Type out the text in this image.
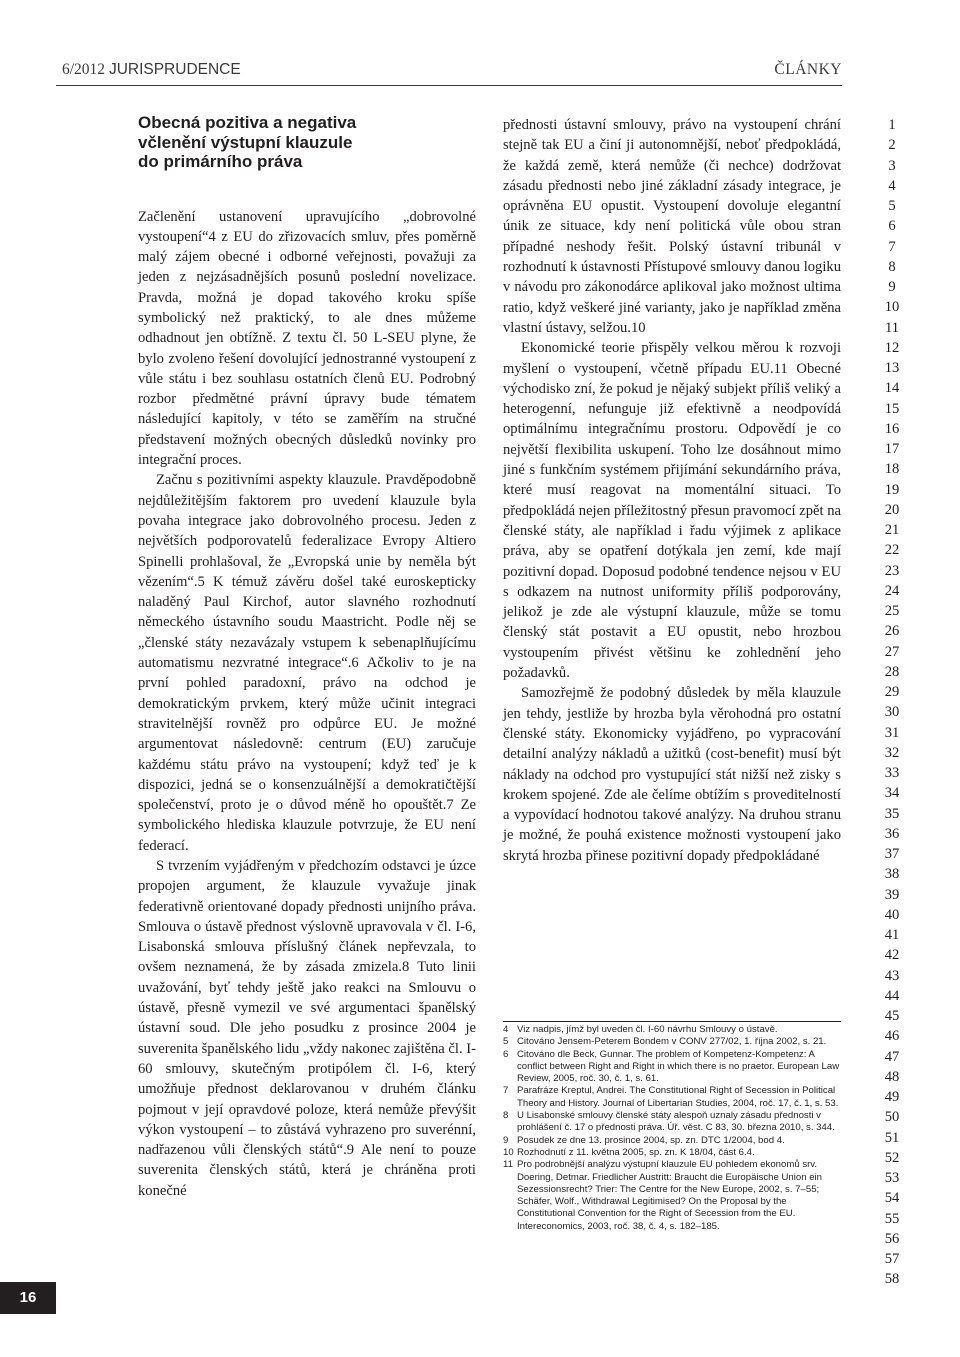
6/2012 JURISPRUDENCE	ČLÁNKY
Obecná pozitiva a negativa
včlenění výstupní klauzule
do primárního práva

Začlenění ustanovení upravujícího „dobrovolné vystoupení“4 z EU do zřizovacích smluv, přes poměrně malý zájem obecné i odborné veřejnosti, považuji za jeden z nejzásadnějších posunů poslední novelizace. Pravda, možná je dopad takového kroku spíše symbolický než praktický, to ale dnes můžeme odhadnout jen obtížně. Z textu čl. 50 L-SEU plyne, že bylo zvoleno řešení dovolující jednostranné vystoupení z vůle státu i bez souhlasu ostatních členů EU. Podrobný rozbor předmětné právní úpravy bude tématem následující kapitoly, v této se zaměřím na stručné představení možných obecných důsledků novinky pro integrační proces.

Začnu s pozitivními aspekty klauzule. Pravděpodobně nejdůležitějším faktorem pro uvedení klauzule byla povaha integrace jako dobrovolného procesu. Jeden z největších podporovatelů federalizace Evropy Altiero Spinelli prohlašoval, že „Evropská unie by neměla být vězením“.5 K témuž závěru došel také euroskepticky naladěný Paul Kirchof, autor slavného rozhodnutí německého ústavního soudu Maastricht. Podle něj se „členské státy nezavázaly vstupem k sebenaplňujícímu automatismu nezvratné integrace“.6 Ačkoliv to je na první pohled paradoxní, právo na odchod je demokratickým prvkem, který může učinit integraci stravitelnější rovněž pro odpůrce EU. Je možné argumentovat následovně: centrum (EU) zaručuje každému státu právo na vystoupení; když teď je k dispozici, jedná se o konsenzuálnější a demokratičtější společenství, proto je o důvod méně ho opouštět.7 Ze symbolického hlediska klauzule potvrzuje, že EU není federací.

S tvrzením vyjádřeným v předchozím odstavci je úzce propojen argument, že klauzule vyvažuje jinak federativně orientované dopady přednosti unijního práva. Smlouva o ústavě přednost výslovně upravovala v čl. I-6, Lisabonská smlouva příslušný článek nepřevzala, to ovšem neznamená, že by zásada zmizela.8 Tuto linii uvažování, byť tehdy ještě jako reakci na Smlouvu o ústavě, přesně vymezil ve své argumentaci španělský ústavní soud. Dle jeho posudku z prosince 2004 je suverenita španělského lidu „vždy nakonec zajištěna čl. I-60 smlouvy, skutečným protipólem čl. I-6, který umožňuje přednost deklarovanou v druhém článku pojmout v její opravdové poloze, která nemůže převýšit výkon vystoupení – to zůstává vyhrazeno pro suverénní, nadřazenou vůli členských států“.9 Ale není to pouze suverenita členských států, která je chráněna proti konečné

přednosti ústavní smlouvy, právo na vystoupení chrání stejně tak EU a činí ji autonomnější, neboť předpokládá, že každá země, která nemůže (či nechce) dodržovat zásadu přednosti nebo jiné základní zásady integrace, je oprávněna EU opustit. Vystoupení dovoluje elegantní únik ze situace, kdy není politická vůle obou stran případné neshody řešit. Polský ústavní tribunál v rozhodnutí k ústavnosti Přístupové smlouvy danou logiku v návodu pro zákonodárce aplikoval jako možnost ultima ratio, když veškeré jiné varianty, jako je například změna vlastní ústavy, selžou.10

Ekonomické teorie přispěly velkou měrou k rozvoji myšlení o vystoupení, včetně případu EU.11 Obecné východisko zní, že pokud je nějaký subjekt příliš veliký a heterogenní, nefunguje již efektivně a neodpovídá optimálnímu integračnímu prostoru. Odpovědí je co největší flexibilita uskupení. Toho lze dosáhnout mimo jiné s funkčním systémem přijímání sekundárního práva, které musí reagovat na momentální situaci. To předpokládá nejen příležitostný přesun pravomocí zpět na členské státy, ale například i řadu výjimek z aplikace práva, aby se opatření dotýkala jen zemí, kde mají pozitivní dopad. Doposud podobné tendence nejsou v EU s odkazem na nutnost uniformity příliš podporovány, jelikož je zde ale výstupní klauzule, může se tomu členský stát postavit a EU opustit, nebo hrozbou vystoupením přivést většinu ke zohlednění jeho požadavků.

Samozřejmě že podobný důsledek by měla klauzule jen tehdy, jestliže by hrozba byla věrohodná pro ostatní členské státy. Ekonomicky vyjádřeno, po vypracování detailní analýzy nákladů a užitků (cost-benefit) musí být náklady na odchod pro vystupující stát nižší než zisky s krokem spojené. Zde ale čelíme obtížím s proveditelností a vypovídací hodnotou takové analýzy. Na druhou stranu je možné, že pouhá existence možnosti vystoupení jako skrytá hrozba přinese pozitivní dopady předpokládané

4 Viz nadpis, jímž byl uveden čl. I-60 návrhu Smlouvy o ústavě.
5 Citováno Jensem-Peterem Bondem v CONV 277/02, 1. října 2002, s. 21.
6 Citováno dle Beck, Gunnar. The problem of Kompetenz-Kompetenz: A conflict between Right and Right in which there is no praetor. European Law Review, 2005, roč. 30, č. 1, s. 61.
7 Parafráze Kreptul, Andrei. The Constitutional Right of Secession in Political Theory and History. Journal of Libertarian Studies, 2004, roč. 17, č. 1, s. 53.
8 U Lisabonské smlouvy členské státy alespoň uznaly zásadu přednosti v prohlášení č. 17 o přednosti práva. Úř. věst. C 83, 30. března 2010, s. 344.
9 Posudek ze dne 13. prosince 2004, sp. zn. DTC 1/2004, bod 4.
10 Rozhodnutí z 11. května 2005, sp. zn. K 18/04, část 6.4.
11 Pro podrobnější analýzu výstupní klauzule EU pohledem ekonomů srv. Doering, Detmar. Friedlicher Austritt: Braucht die Europäische Union ein Sezessionsrecht? Trier: The Centre for the New Europe, 2002, s. 7–55; Schäfer, Wolf., Withdrawal Legitimised? On the Proposal by the Constitutional Convention for the Right of Secession from the EU. Intereconomics, 2003, roč. 38, č. 4, s. 182–185.
1
2
3
4
5
6
7
8
9
10
11
12
13
14
15
16
17
18
19
20
21
22
23
24
25
26
27
28
29
30
31
32
33
34
35
36
37
38
39
40
41
42
43
44
45
46
47
48
49
50
51
52
53
54
55
56
57
58
16
